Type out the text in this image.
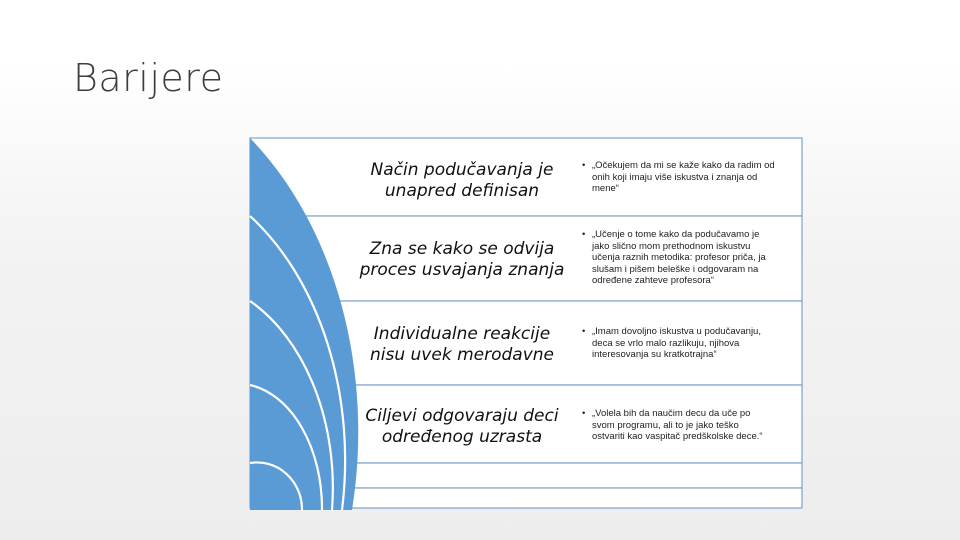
Barijere
Način podučavanja je
unapred definisan
Zna se kako se odvija
proces usvajanja znanja
Individualne reakcije
nisu uvek merodavne
Ciljevi odgovaraju deci
određenog uzrasta
• „Očekujem da mi se kaže kako da radim od
onih koji imaju više iskustva i znanja od
mene“
• „Učenje o tome kako da podučavamo je
jako slično mom prethodnom iskustvu
učenja raznih metodika: profesor priča, ja
slušam i pišem beleške i odgovaram na
određene zahteve profesora“
• „Imam dovoljno iskustva u podučavanju,
deca se vrlo malo razlikuju, njihova
interesovanja su kratkotrajna“
• „Volela bih da naučim decu da uče po
svom programu, ali to je jako teško
ostvariti kao vaspitač predškolske dece.“
